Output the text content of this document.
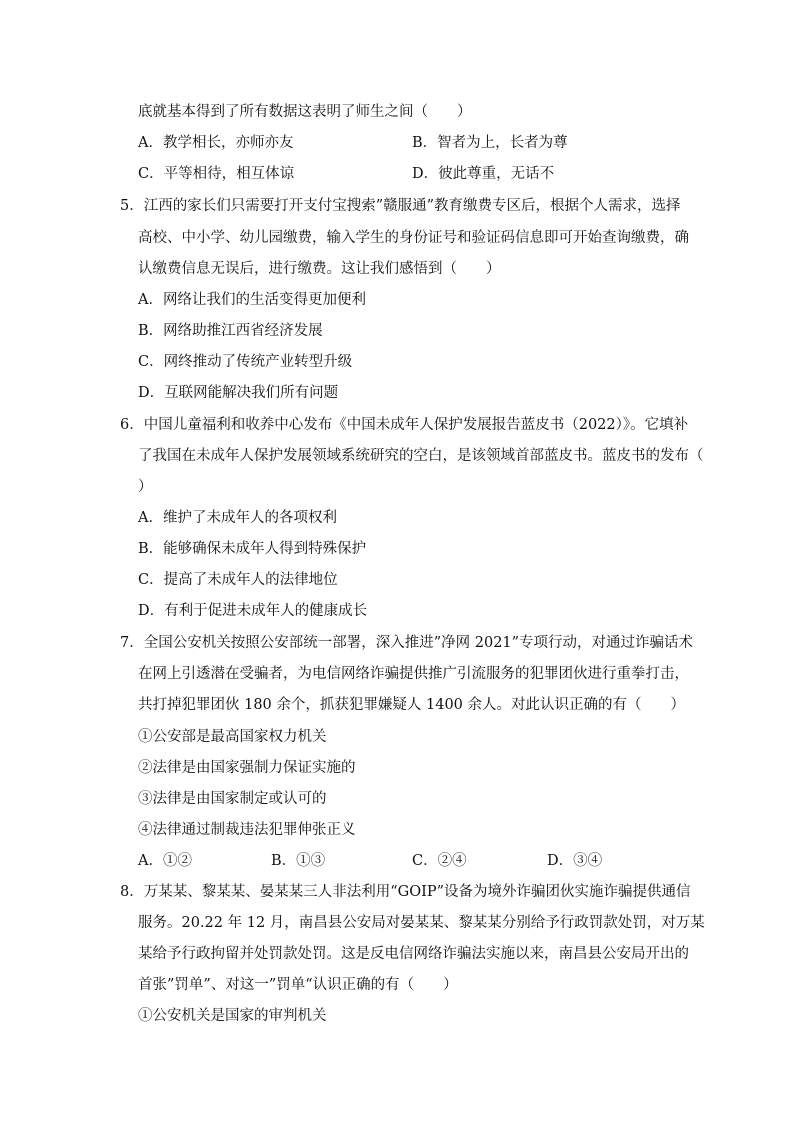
底就基本得到了所有数据这表明了师生之间（　　）
A．教学相长，亦师亦友	B．智者为上，长者为尊
C．平等相待，相互体谅	D．彼此尊重，无话不
5．江西的家长们只需要打开支付宝搜索”赣服通”教育缴费专区后，根据个人需求，选择
高校、中小学、幼儿园缴费，输入学生的身份证号和验证码信息即可开始查询缴费，确
认缴费信息无误后，进行缴费。这让我们感悟到（　　）
A．网络让我们的生活变得更加便利
B．网络助推江西省经济发展
C．网终推动了传统产业转型升级
D．互联网能解决我们所有问题
6．中国儿童福利和收养中心发布《中国未成年人保护发展报告蓝皮书（2022）》。它填补
了我国在未成年人保护发展领域系统研究的空白，是该领域首部蓝皮书。蓝皮书的发布（
）
A．维护了未成年人的各项权利
B．能够确保未成年人得到特殊保护
C．提高了未成年人的法律地位
D．有利于促进未成年人的健康成长
7．全国公安机关按照公安部统一部署，深入推进”净网 2021”专项行动，对通过诈骗话术
在网上引透潜在受骗者，为电信网络诈骗提供推广引流服务的犯罪团伙进行重拳打击，
共打掉犯罪团伙 180 余个，抓获犯罪嫌疑人 1400 余人。对此认识正确的有（　　）
①公安部是最高国家权力机关
②法律是由国家强制力保证实施的
③法律是由国家制定或认可的
④法律通过制裁违法犯罪伸张正义
A．①②	B．①③	C．②④	D．③④
8．万某某、黎某某、晏某某三人非法利用“GOIP”设备为境外诈骗团伙实施诈骗提供通信
服务。20.22 年 12 月，南昌县公安局对晏某某、黎某某分别给予行政罚款处罚，对万某
某给予行政拘留并处罚款处罚。这是反电信网络诈骗法实施以来，南昌县公安局开出的
首张”罚单”、对这一”罚单“认识正确的有（　　）
①公安机关是国家的审判机关
